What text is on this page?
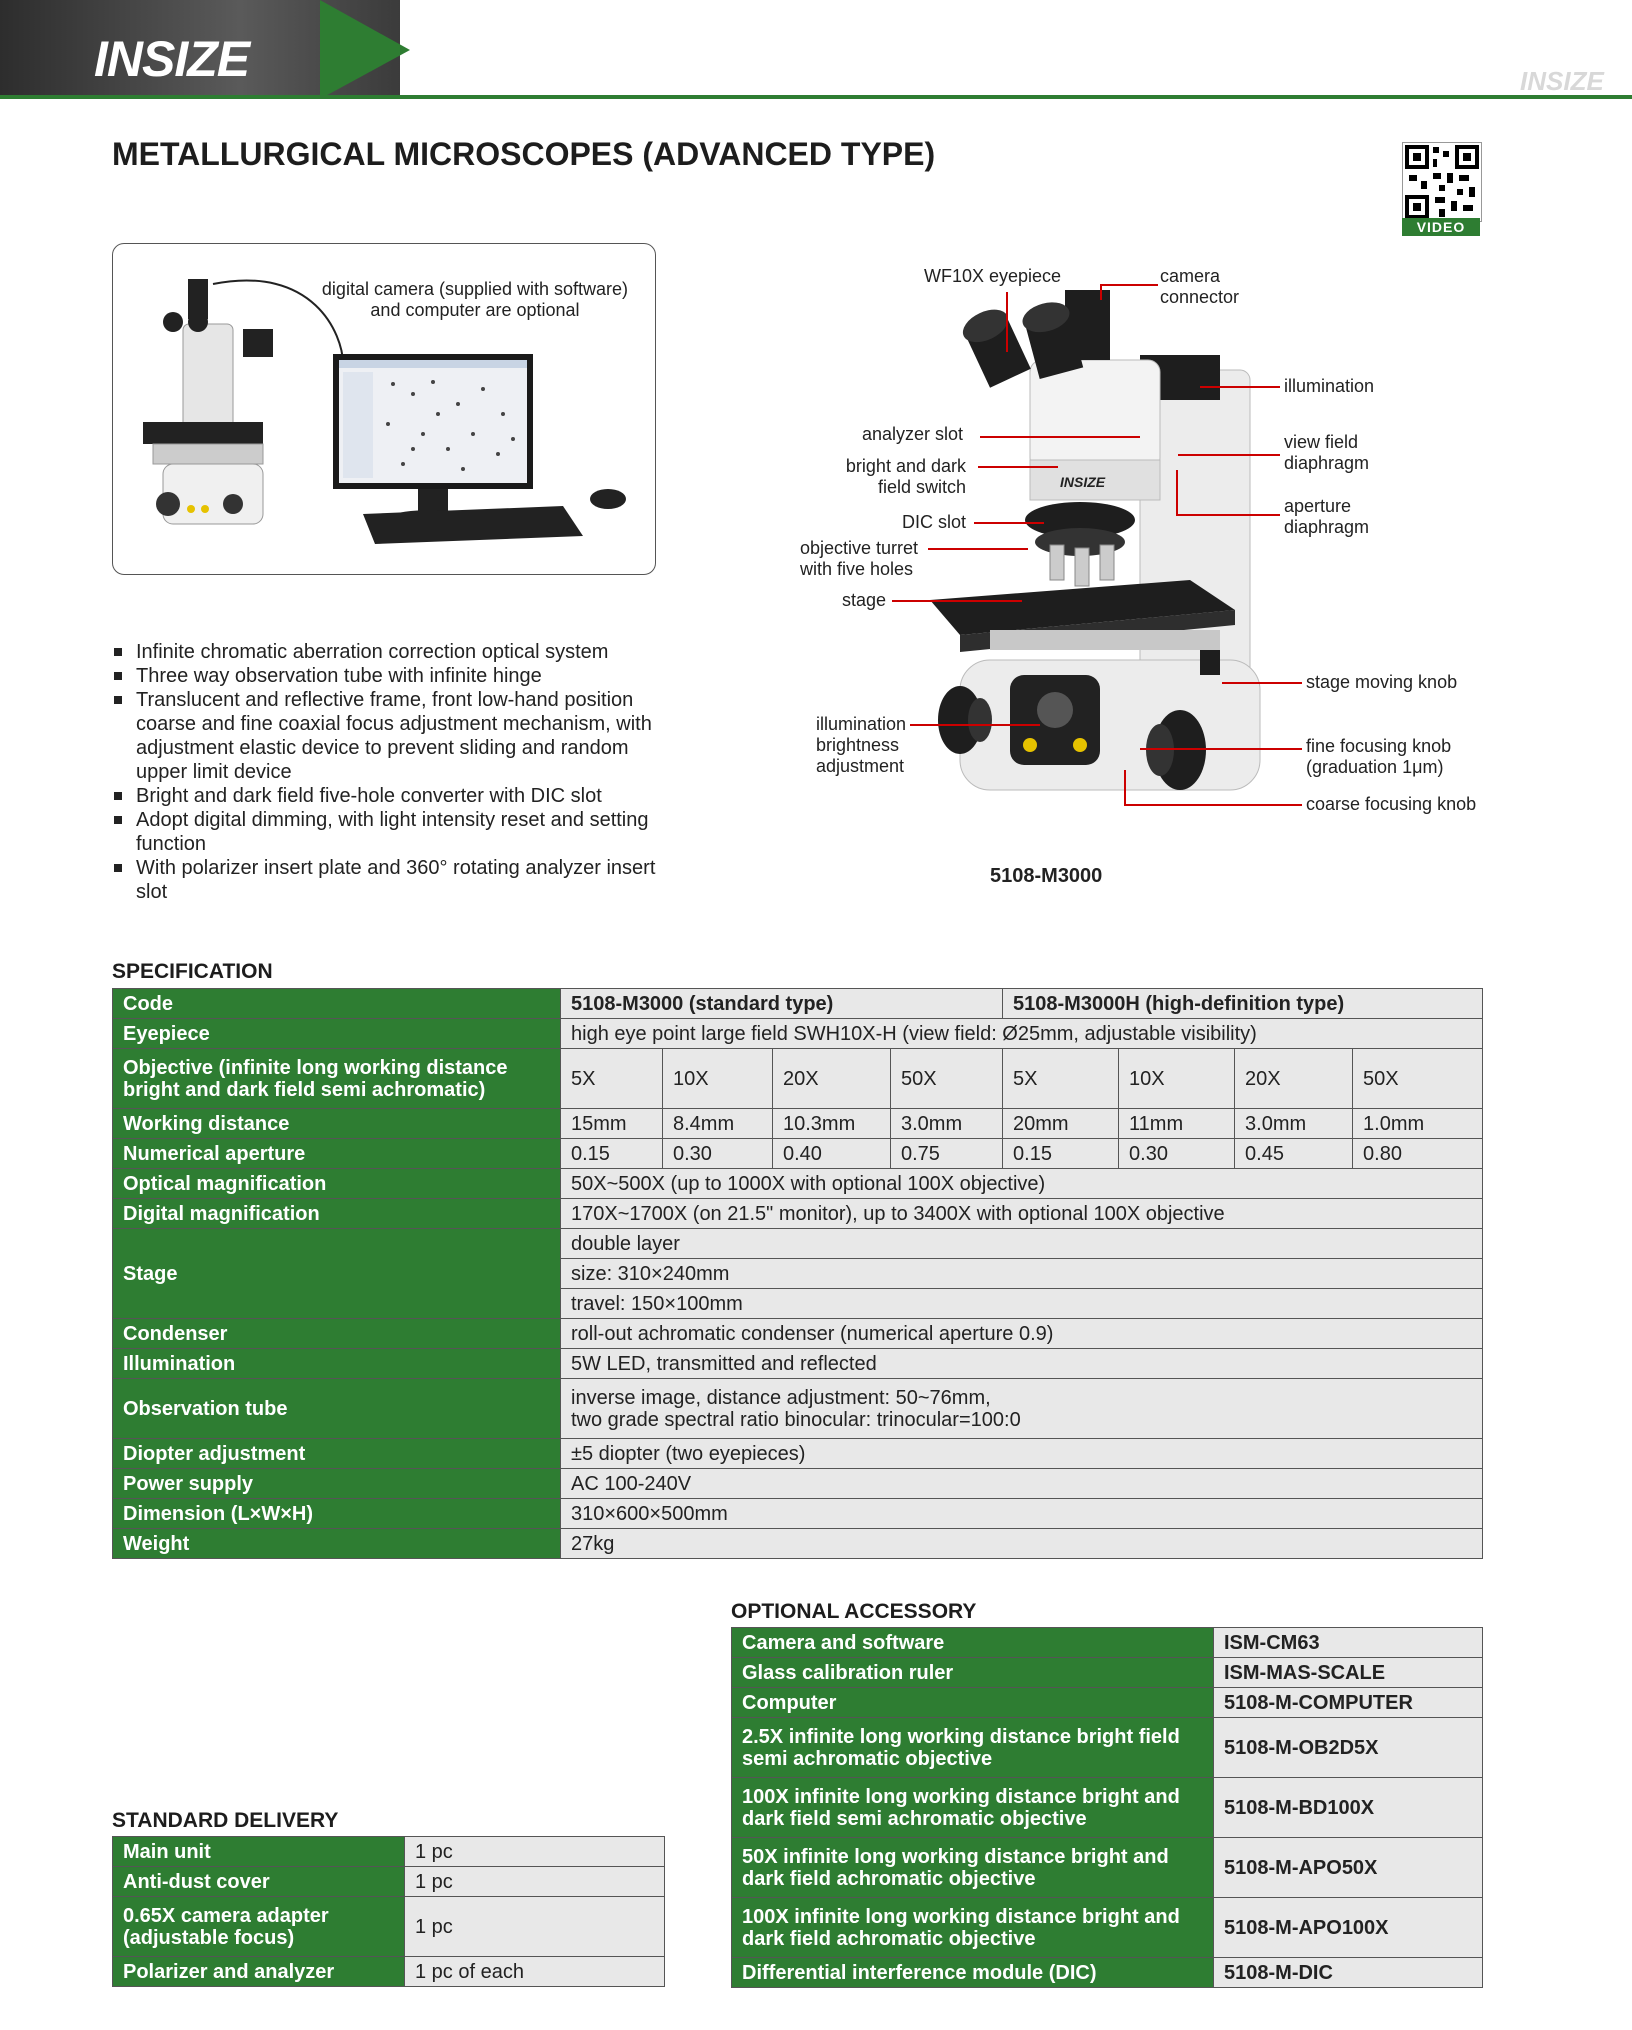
INSIZE	INSIZE
METALLURGICAL MICROSCOPES (ADVANCED TYPE)
VIDEO
digital camera (supplied with software)
and computer are optional
Infinite chromatic aberration correction optical system
Three way observation tube with infinite hinge
Translucent and reflective frame, front low-hand position coarse and fine coaxial focus adjustment mechanism, with adjustment elastic device to prevent sliding and random upper limit device
Bright and dark field five-hole converter with DIC slot
Adopt digital dimming, with light intensity reset and setting function
With polarizer insert plate and 360° rotating analyzer insert slot
INSIZE
WF10X eyepiece	camera
connector
illumination
analyzer slot
bright and dark
field switch
view field
diaphragm
aperture
diaphragm
DIC slot
objective turret
with five holes
stage
stage moving knob
illumination
brightness
adjustment
fine focusing knob
(graduation 1μm)
coarse focusing knob
5108-M3000
SPECIFICATION
Code	5108-M3000 (standard type)				5108-M3000H (high-definition type)			
Eyepiece	high eye point large field SWH10X-H (view field: Ø25mm, adjustable visibility)							
Objective (infinite long working distance bright and dark field semi achromatic)	5X	10X	20X	50X	5X	10X	20X	50X
Working distance	15mm	8.4mm	10.3mm	3.0mm	20mm	11mm	3.0mm	1.0mm
Numerical aperture	0.15	0.30	0.40	0.75	0.15	0.30	0.45	0.80
Optical magnification	50X~500X (up to 1000X with optional 100X objective)							
Digital magnification	170X~1700X (on 21.5" monitor), up to 3400X with optional 100X objective							
Stage	double layer							
	size: 310×240mm							
	travel: 150×100mm							
Condenser	roll-out achromatic condenser (numerical aperture 0.9)							
Illumination	5W LED, transmitted and reflected							
Observation tube	inverse image, distance adjustment: 50~76mm,
two grade spectral ratio binocular: trinocular=100:0							
Diopter adjustment	±5 diopter (two eyepieces)							
Power supply	AC 100-240V							
Dimension (L×W×H)	310×600×500mm							
Weight	27kg							
OPTIONAL ACCESSORY
Camera and software	ISM-CM63
Glass calibration ruler	ISM-MAS-SCALE
Computer	5108-M-COMPUTER
2.5X infinite long working distance bright field semi achromatic objective	5108-M-OB2D5X
100X infinite long working distance bright and dark field semi achromatic objective	5108-M-BD100X
50X infinite long working distance bright and dark field achromatic objective	5108-M-APO50X
100X infinite long working distance bright and dark field achromatic objective	5108-M-APO100X
Differential interference module (DIC)	5108-M-DIC
STANDARD DELIVERY
Main unit	1 pc
Anti-dust cover	1 pc
0.65X camera adapter (adjustable focus)	1 pc
Polarizer and analyzer	1 pc of each
